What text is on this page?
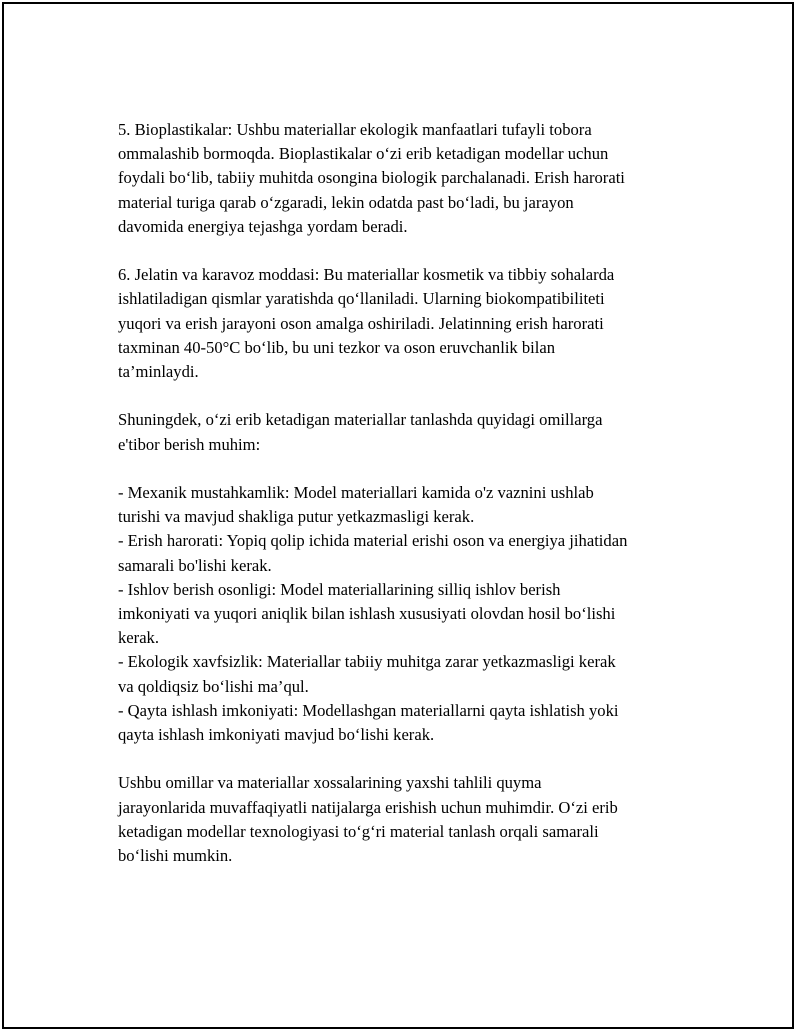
5. Bioplastikalar: Ushbu materiallar ekologik manfaatlari tufayli tobora
ommalashib bormoqda. Bioplastikalar o‘zi erib ketadigan modellar uchun
foydali bo‘lib, tabiiy muhitda osongina biologik parchalanadi. Erish harorati
material turiga qarab o‘zgaradi, lekin odatda past bo‘ladi, bu jarayon
davomida energiya tejashga yordam beradi.

6. Jelatin va karavoz moddasi: Bu materiallar kosmetik va tibbiy sohalarda
ishlatiladigan qismlar yaratishda qo‘llaniladi. Ularning biokompatibiliteti
yuqori va erish jarayoni oson amalga oshiriladi. Jelatinning erish harorati
taxminan 40-50°C bo‘lib, bu uni tezkor va oson eruvchanlik bilan
ta’minlaydi.

Shuningdek, o‘zi erib ketadigan materiallar tanlashda quyidagi omillarga
e'tibor berish muhim:

- Mexanik mustahkamlik: Model materiallari kamida o'z vaznini ushlab
turishi va mavjud shakliga putur yetkazmasligi kerak.
- Erish harorati: Yopiq qolip ichida material erishi oson va energiya jihatidan
samarali bo'lishi kerak.
- Ishlov berish osonligi: Model materiallarining silliq ishlov berish
imkoniyati va yuqori aniqlik bilan ishlash xususiyati olovdan hosil bo‘lishi
kerak.
- Ekologik xavfsizlik: Materiallar tabiiy muhitga zarar yetkazmasligi kerak
va qoldiqsiz bo‘lishi ma’qul.
- Qayta ishlash imkoniyati: Modellashgan materiallarni qayta ishlatish yoki
qayta ishlash imkoniyati mavjud bo‘lishi kerak.

Ushbu omillar va materiallar xossalarining yaxshi tahlili quyma
jarayonlarida muvaffaqiyatli natijalarga erishish uchun muhimdir. O‘zi erib
ketadigan modellar texnologiyasi to‘g‘ri material tanlash orqali samarali
bo‘lishi mumkin.
